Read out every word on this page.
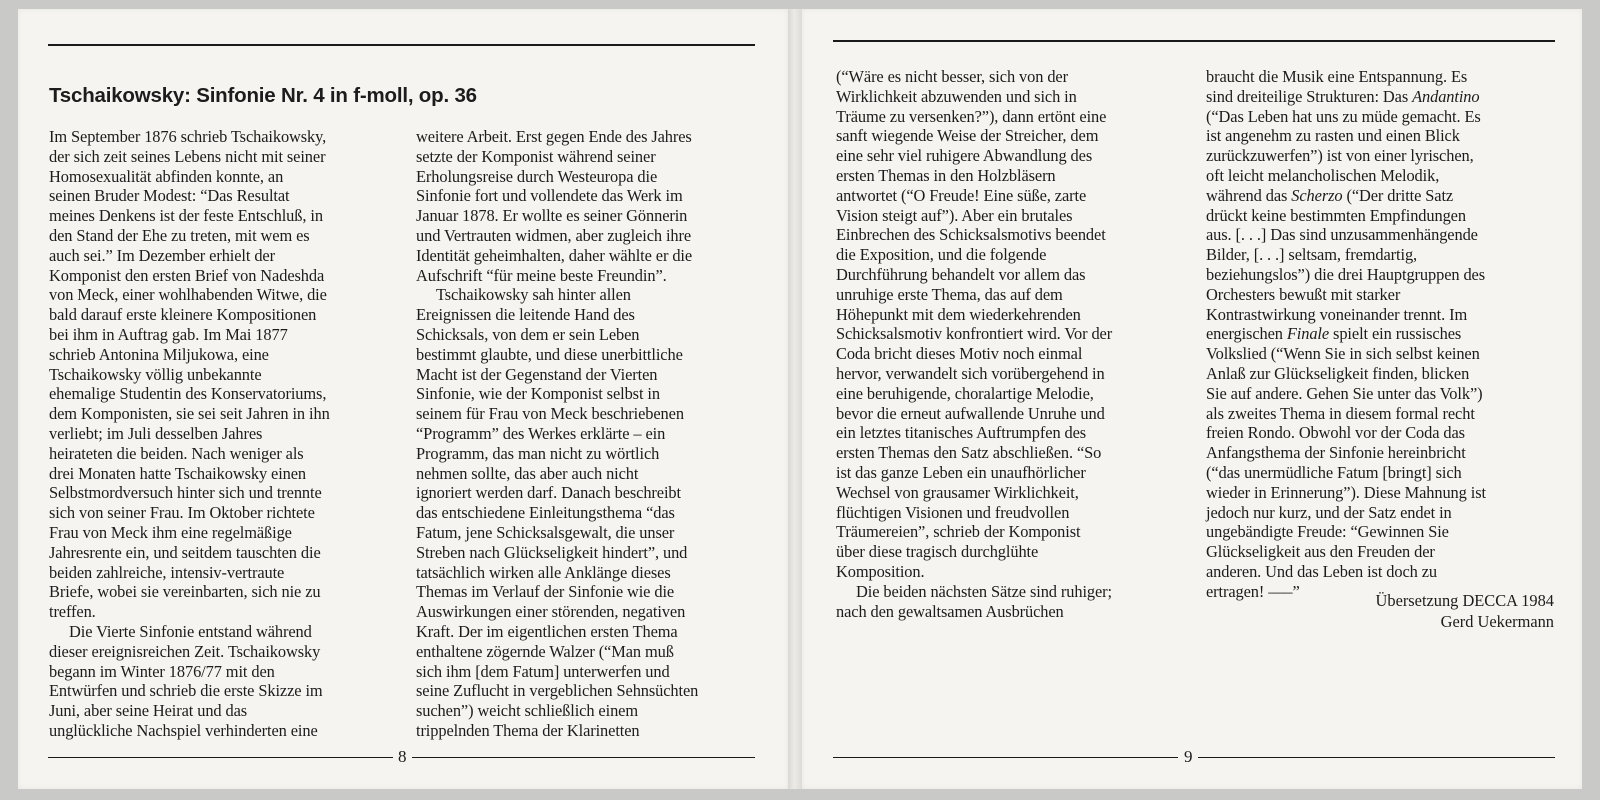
Tschaikowsky: Sinfonie Nr. 4 in f-moll, op. 36

Im September 1876 schrieb Tschaikowsky,
der sich zeit seines Lebens nicht mit seiner
Homosexualität abfinden konnte, an
seinen Bruder Modest: “Das Resultat
meines Denkens ist der feste Entschluß, in
den Stand der Ehe zu treten, mit wem es
auch sei.” Im Dezember erhielt der
Komponist den ersten Brief von Nadeshda
von Meck, einer wohlhabenden Witwe, die
bald darauf erste kleinere Kompositionen
bei ihm in Auftrag gab. Im Mai 1877
schrieb Antonina Miljukowa, eine
Tschaikowsky völlig unbekannte
ehemalige Studentin des Konservatoriums,
dem Komponisten, sie sei seit Jahren in ihn
verliebt; im Juli desselben Jahres
heirateten die beiden. Nach weniger als
drei Monaten hatte Tschaikowsky einen
Selbstmordversuch hinter sich und trennte
sich von seiner Frau. Im Oktober richtete
Frau von Meck ihm eine regelmäßige
Jahresrente ein, und seitdem tauschten die
beiden zahlreiche, intensiv-vertraute
Briefe, wobei sie vereinbarten, sich nie zu
treffen.

Die Vierte Sinfonie entstand während
dieser ereignisreichen Zeit. Tschaikowsky
begann im Winter 1876/77 mit den
Entwürfen und schrieb die erste Skizze im
Juni, aber seine Heirat und das
unglückliche Nachspiel verhinderten eine

weitere Arbeit. Erst gegen Ende des Jahres
setzte der Komponist während seiner
Erholungsreise durch Westeuropa die
Sinfonie fort und vollendete das Werk im
Januar 1878. Er wollte es seiner Gönnerin
und Vertrauten widmen, aber zugleich ihre
Identität geheimhalten, daher wählte er die
Aufschrift “für meine beste Freundin”.

Tschaikowsky sah hinter allen
Ereignissen die leitende Hand des
Schicksals, von dem er sein Leben
bestimmt glaubte, und diese unerbittliche
Macht ist der Gegenstand der Vierten
Sinfonie, wie der Komponist selbst in
seinem für Frau von Meck beschriebenen
“Programm” des Werkes erklärte – ein
Programm, das man nicht zu wörtlich
nehmen sollte, das aber auch nicht
ignoriert werden darf. Danach beschreibt
das entschiedene Einleitungsthema “das
Fatum, jene Schicksalsgewalt, die unser
Streben nach Glückseligkeit hindert”, und
tatsächlich wirken alle Anklänge dieses
Themas im Verlauf der Sinfonie wie die
Auswirkungen einer störenden, negativen
Kraft. Der im eigentlichen ersten Thema
enthaltene zögernde Walzer (“Man muß
sich ihm [dem Fatum] unterwerfen und
seine Zuflucht in vergeblichen Sehnsüchten
suchen”) weicht schließlich einem
trippelnden Thema der Klarinetten

8

(“Wäre es nicht besser, sich von der
Wirklichkeit abzuwenden und sich in
Träume zu versenken?”), dann ertönt eine
sanft wiegende Weise der Streicher, dem
eine sehr viel ruhigere Abwandlung des
ersten Themas in den Holzbläsern
antwortet (“O Freude! Eine süße, zarte
Vision steigt auf”). Aber ein brutales
Einbrechen des Schicksalsmotivs beendet
die Exposition, und die folgende
Durchführung behandelt vor allem das
unruhige erste Thema, das auf dem
Höhepunkt mit dem wiederkehrenden
Schicksalsmotiv konfrontiert wird. Vor der
Coda bricht dieses Motiv noch einmal
hervor, verwandelt sich vorübergehend in
eine beruhigende, choralartige Melodie,
bevor die erneut aufwallende Unruhe und
ein letztes titanisches Auftrumpfen des
ersten Themas den Satz abschließen. “So
ist das ganze Leben ein unaufhörlicher
Wechsel von grausamer Wirklichkeit,
flüchtigen Visionen und freudvollen
Träumereien”, schrieb der Komponist
über diese tragisch durchglühte
Komposition.

Die beiden nächsten Sätze sind ruhiger;
nach den gewaltsamen Ausbrüchen

braucht die Musik eine Entspannung. Es
sind dreiteilige Strukturen: Das Andantino
(“Das Leben hat uns zu müde gemacht. Es
ist angenehm zu rasten und einen Blick
zurückzuwerfen”) ist von einer lyrischen,
oft leicht melancholischen Melodik,
während das Scherzo (“Der dritte Satz
drückt keine bestimmten Empfindungen
aus. [. . .] Das sind unzusammenhängende
Bilder, [. . .] seltsam, fremdartig,
beziehungslos”) die drei Hauptgruppen des
Orchesters bewußt mit starker
Kontrastwirkung voneinander trennt. Im
energischen Finale spielt ein russisches
Volkslied (“Wenn Sie in sich selbst keinen
Anlaß zur Glückseligkeit finden, blicken
Sie auf andere. Gehen Sie unter das Volk”)
als zweites Thema in diesem formal recht
freien Rondo. Obwohl vor der Coda das
Anfangsthema der Sinfonie hereinbricht
(“das unermüdliche Fatum [bringt] sich
wieder in Erinnerung”). Diese Mahnung ist
jedoch nur kurz, und der Satz endet in
ungebändigte Freude: “Gewinnen Sie
Glückseligkeit aus den Freuden der
anderen. Und das Leben ist doch zu
ertragen! –––”	Übersetzung DECCA 1984
Gerd Uekermann
9
